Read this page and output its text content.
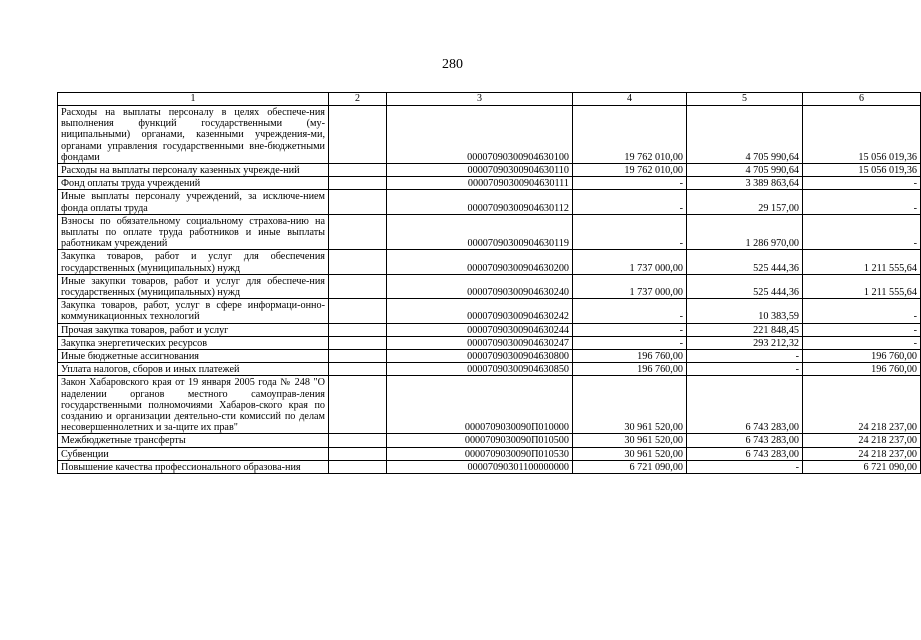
280
1	2	3	4	5	6
Расходы на выплаты персоналу в целях обеспече-ния выполнения функций государственными (му-ниципальными) органами, казенными учреждения-ми, органами управления государственными вне-бюджетными фондами		00007090300904630100	19 762 010,00	4 705 990,64	15 056 019,36
Расходы на выплаты персоналу казенных учрежде-ний		00007090300904630110	19 762 010,00	4 705 990,64	15 056 019,36
Фонд оплаты труда учреждений		00007090300904630111	-	3 389 863,64	-
Иные выплаты персоналу учреждений, за исключе-нием фонда оплаты труда		00007090300904630112	-	29 157,00	-
Взносы по обязательному социальному страхова-нию на выплаты по оплате труда работников и иные выплаты работникам учреждений		00007090300904630119	-	1 286 970,00	-
Закупка товаров, работ и услуг для обеспечения государственных (муниципальных) нужд		00007090300904630200	1 737 000,00	525 444,36	1 211 555,64
Иные закупки товаров, работ и услуг для обеспече-ния государственных (муниципальных) нужд		00007090300904630240	1 737 000,00	525 444,36	1 211 555,64
Закупка товаров, работ, услуг в сфере информаци-онно-коммуникационных технологий		00007090300904630242	-	10 383,59	-
Прочая закупка товаров, работ и услуг		00007090300904630244	-	221 848,45	-
Закупка энергетических ресурсов		00007090300904630247	-	293 212,32	-
Иные бюджетные ассигнования		00007090300904630800	196 760,00	-	196 760,00
Уплата налогов, сборов и иных платежей		00007090300904630850	196 760,00	-	196 760,00
Закон Хабаровского края от 19 января 2005 года № 248 "О наделении органов местного самоуправ-ления государственными полномочиями Хабаров-ского края по созданию и организации деятельно-сти комиссий по делам несовершеннолетних и за-щите их прав"		0000709030090П010000	30 961 520,00	6 743 283,00	24 218 237,00
Межбюджетные трансферты		0000709030090П010500	30 961 520,00	6 743 283,00	24 218 237,00
Субвенции		0000709030090П010530	30 961 520,00	6 743 283,00	24 218 237,00
Повышение качества профессионального образова-ния		00007090301100000000	6 721 090,00	-	6 721 090,00
